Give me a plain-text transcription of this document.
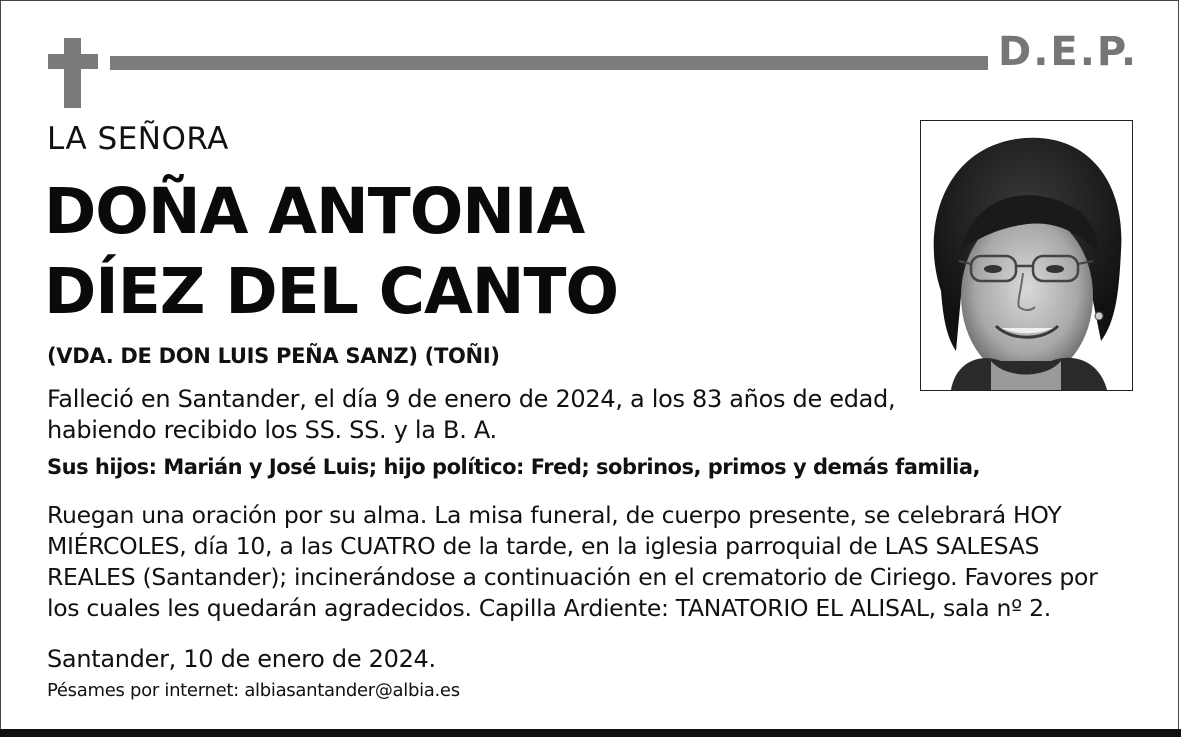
D.E.P.
LA SEÑORA
DOÑA ANTONIA
DÍEZ DEL CANTO
(VDA. DE DON LUIS PEÑA SANZ) (TOÑI)
Falleció en Santander, el día 9 de enero de 2024, a los 83 años de edad,
habiendo recibido los SS. SS. y la B. A.
Sus hijos: Marián y José Luis; hijo político: Fred; sobrinos, primos y demás familia,
Ruegan una oración por su alma. La misa funeral, de cuerpo presente, se celebrará HOY
MIÉRCOLES, día 10, a las CUATRO de la tarde, en la iglesia parroquial de LAS SALESAS
REALES (Santander); incinerándose a continuación en el crematorio de Ciriego. Favores por
los cuales les quedarán agradecidos. Capilla Ardiente: TANATORIO EL ALISAL, sala nº 2.
Santander, 10 de enero de 2024.
Pésames por internet: albiasantander@albia.es
